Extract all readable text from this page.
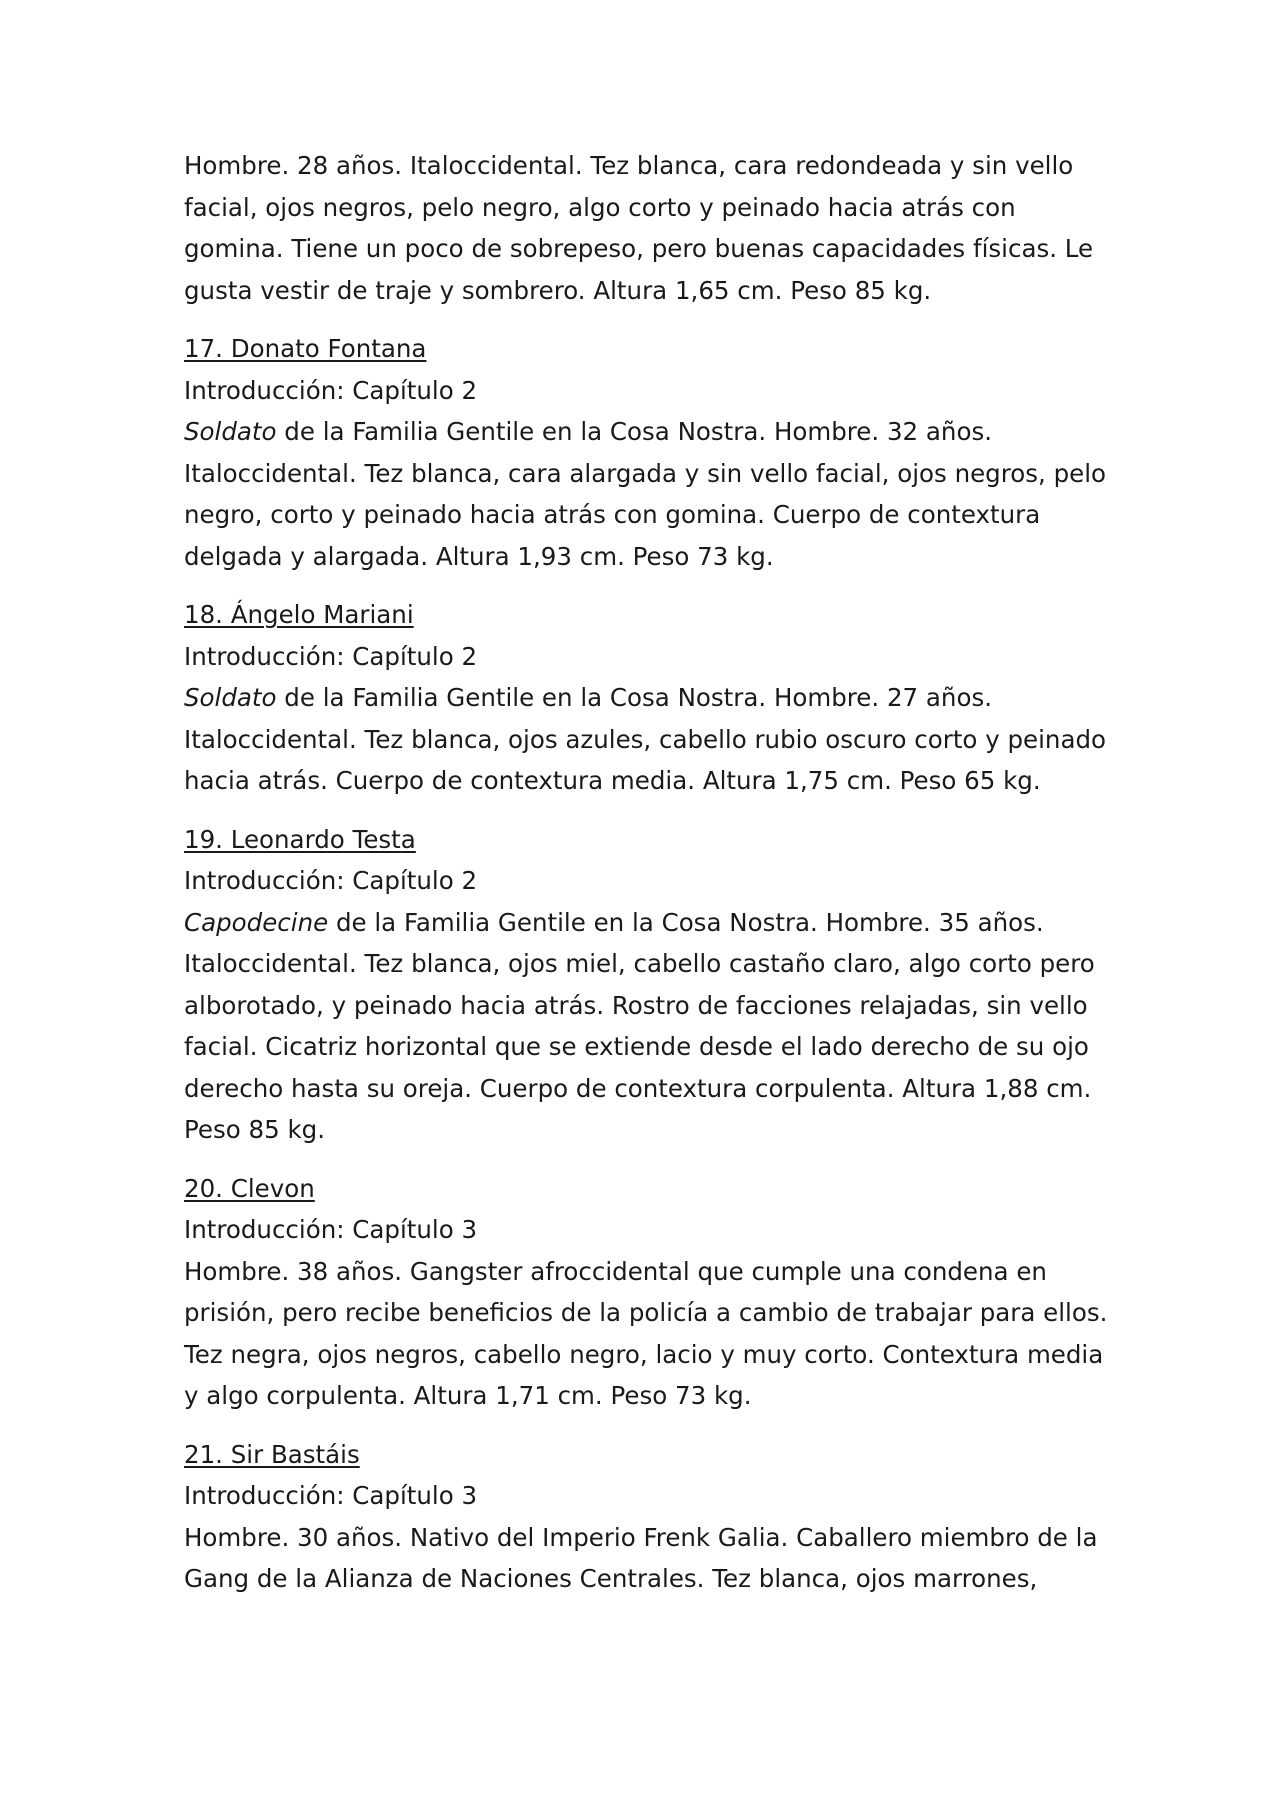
Hombre. 28 años. Italoccidental. Tez blanca, cara redondeada y sin vello facial, ojos negros, pelo negro, algo corto y peinado hacia atrás con gomina. Tiene un poco de sobrepeso, pero buenas capacidades físicas. Le gusta vestir de traje y sombrero. Altura 1,65 cm. Peso 85 kg.

17. Donato Fontana
Introducción: Capítulo 2

Soldato de la Familia Gentile en la Cosa Nostra. Hombre. 32 años. Italoccidental. Tez blanca, cara alargada y sin vello facial, ojos negros, pelo negro, corto y peinado hacia atrás con gomina. Cuerpo de contextura delgada y alargada. Altura 1,93 cm. Peso 73 kg.

18. Ángelo Mariani
Introducción: Capítulo 2

Soldato de la Familia Gentile en la Cosa Nostra. Hombre. 27 años. Italoccidental. Tez blanca, ojos azules, cabello rubio oscuro corto y peinado hacia atrás. Cuerpo de contextura media. Altura 1,75 cm. Peso 65 kg.

19. Leonardo Testa
Introducción: Capítulo 2

Capodecine de la Familia Gentile en la Cosa Nostra. Hombre. 35 años. Italoccidental. Tez blanca, ojos miel, cabello castaño claro, algo corto pero alborotado, y peinado hacia atrás. Rostro de facciones relajadas, sin vello facial. Cicatriz horizontal que se extiende desde el lado derecho de su ojo derecho hasta su oreja. Cuerpo de contextura corpulenta. Altura 1,88 cm. Peso 85 kg.

20. Clevon
Introducción: Capítulo 3

Hombre. 38 años. Gangster afroccidental que cumple una condena en prisión, pero recibe beneficios de la policía a cambio de trabajar para ellos. Tez negra, ojos negros, cabello negro, lacio y muy corto. Contextura media y algo corpulenta. Altura 1,71 cm. Peso 73 kg.

21. Sir Bastáis
Introducción: Capítulo 3

Hombre. 30 años. Nativo del Imperio Frenk Galia. Caballero miembro de la Gang de la Alianza de Naciones Centrales. Tez blanca, ojos marrones,
